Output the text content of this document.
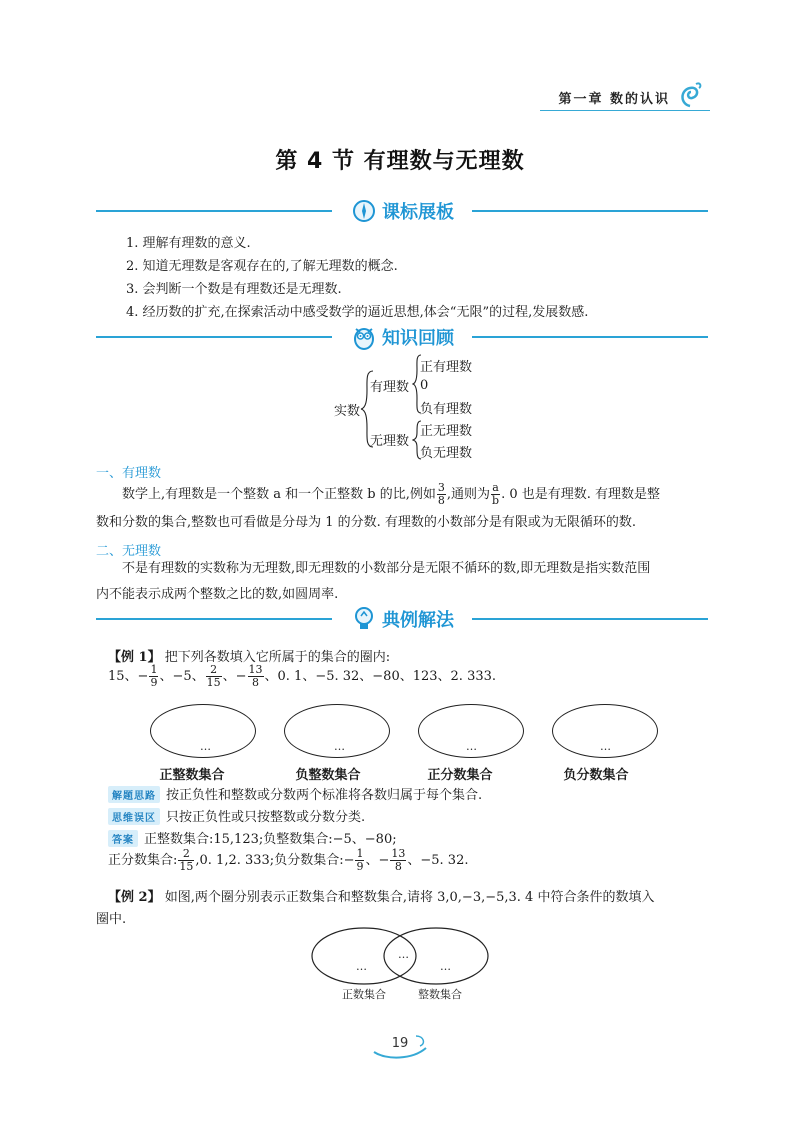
第一章 数的认识
第 4 节 有理数与无理数
课标展板
1. 理解有理数的意义.
2. 知道无理数是客观存在的,了解无理数的概念.
3. 会判断一个数是有理数还是无理数.
4. 经历数的扩充,在探索活动中感受数学的逼近思想,体会“无限”的过程,发展数感.
知识回顾
实数
有理数
无理数
正有理数
0
负有理数
正无理数
负无理数
一、有理数
数学上,有理数是一个整数 a 和一个正整数 b 的比,例如 $\frac{3}{8}$ ,通则为 $\frac{a}{b}$ . 0 也是有理数. 有理数是整
数和分数的集合,整数也可看做是分母为 1 的分数. 有理数的小数部分是有限或为无限循环的数.
二、无理数
不是有理数的实数称为无理数,即无理数的小数部分是无限不循环的数,即无理数是指实数范围
内不能表示成两个整数之比的数,如圆周率.
典例解法
【例 1】 把下列各数填入它所属于的集合的圈内:
15、− $\frac{1}{9}$ 、−5、 $\frac{2}{15}$ 、− $\frac{13}{8}$ 、0. 1、−5. 32、−80、123、2. 333.
…	…	…	…
正整数集合	负整数集合	正分数集合	负分数集合
解题思路 按正负性和整数或分数两个标准将各数归属于每个集合.
思维误区 只按正负性或只按整数或分数分类.
答案 正整数集合:15,123;负整数集合:−5、−80;
正分数集合: $\frac{2}{15} ,0$. 1,2. 333;负分数集合:− $\frac{1}{9}$ 、− $\frac{13}{8}$ 、−5. 32.
【例 2】 如图,两个圈分别表示正数集合和整数集合,请将 3,0,−3,−5,3. 4 中符合条件的数填入
圈中.
…
…
…
正数集合	整数集合
19
